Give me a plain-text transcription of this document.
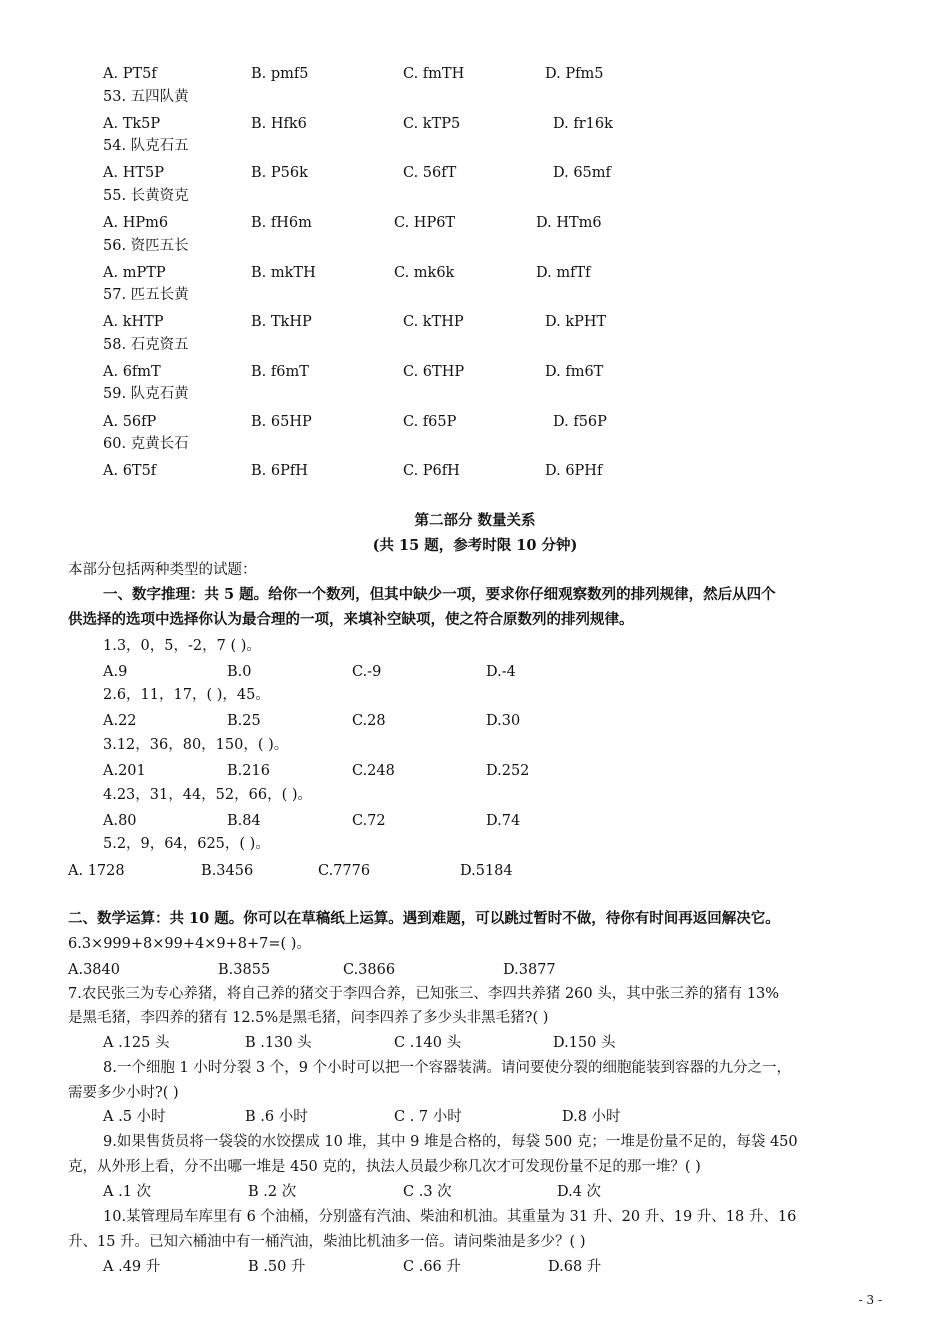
A. PT5f	B. pmf5	C. fmTH	D. Pfm5
53. 五四队黄
A. Tk5P	B. Hfk6	C. kTP5	D. fr16k
54. 队克石五
A. HT5P	B. P56k	C. 56fT	D. 65mf
55. 长黄资克
A. HPm6	B. fH6m	C. HP6T	D. HTm6
56. 资匹五长
A. mPTP	B. mkTH	C. mk6k	D. mfTf
57. 匹五长黄
A. kHTP	B. TkHP	C. kTHP	D. kPHT
58. 石克资五
A. 6fmT	B. f6mT	C. 6THP	D. fm6T
59. 队克石黄
A. 56fP	B. 65HP	C. f65P	D. f56P
60. 克黄长石
A. 6T5f	B. 6PfH	C. P6fH	D. 6PHf
第二部分 数量关系
(共 15 题，参考时限 10 分钟)
本部分包括两种类型的试题：
一、数字推理：共 5 题。给你一个数列，但其中缺少一项，要求你仔细观察数列的排列规律，然后从四个
供选择的选项中选择你认为最合理的一项，来填补空缺项，使之符合原数列的排列规律。
1.3，0，5，-2，7 ( )。
A.9	B.0	C.-9	D.-4
2.6，11，17，( )，45。
A.22	B.25	C.28	D.30
3.12，36，80，150，( )。
A.201	B.216	C.248	D.252
4.23，31，44，52，66，( )。
A.80	B.84	C.72	D.74
5.2，9，64，625，( )。
A. 1728	B.3456	C.7776	D.5184
二、数学运算：共 10 题。你可以在草稿纸上运算。遇到难题，可以跳过暂时不做，待你有时间再返回解决它。
6.3×999+8×99+4×9+8+7=( )。
A.3840	B.3855	C.3866	D.3877
7.农民张三为专心养猪，将自己养的猪交于李四合养，已知张三、李四共养猪 260 头，其中张三养的猪有 13%
是黑毛猪，李四养的猪有 12.5%是黑毛猪，问李四养了多少头非黑毛猪?( )
A .125 头	B .130 头	C .140 头	D.150 头
8.一个细胞 1 小时分裂 3 个，9 个小时可以把一个容器装满。请问要使分裂的细胞能装到容器的九分之一，
需要多少小时?( )
A .5 小时	B .6 小时	C . 7 小时	D.8 小时
9.如果售货员将一袋袋的水饺摆成 10 堆，其中 9 堆是合格的，每袋 500 克；一堆是份量不足的，每袋 450
克，从外形上看，分不出哪一堆是 450 克的，执法人员最少称几次才可发现份量不足的那一堆？( )
A .1 次	B .2 次	C .3 次	D.4 次
10.某管理局车库里有 6 个油桶，分别盛有汽油、柴油和机油。其重量为 31 升、20 升、19 升、18 升、16
升、15 升。已知六桶油中有一桶汽油，柴油比机油多一倍。请问柴油是多少？( )
A .49 升	B .50 升	C .66 升	D.68 升
- 3 -
